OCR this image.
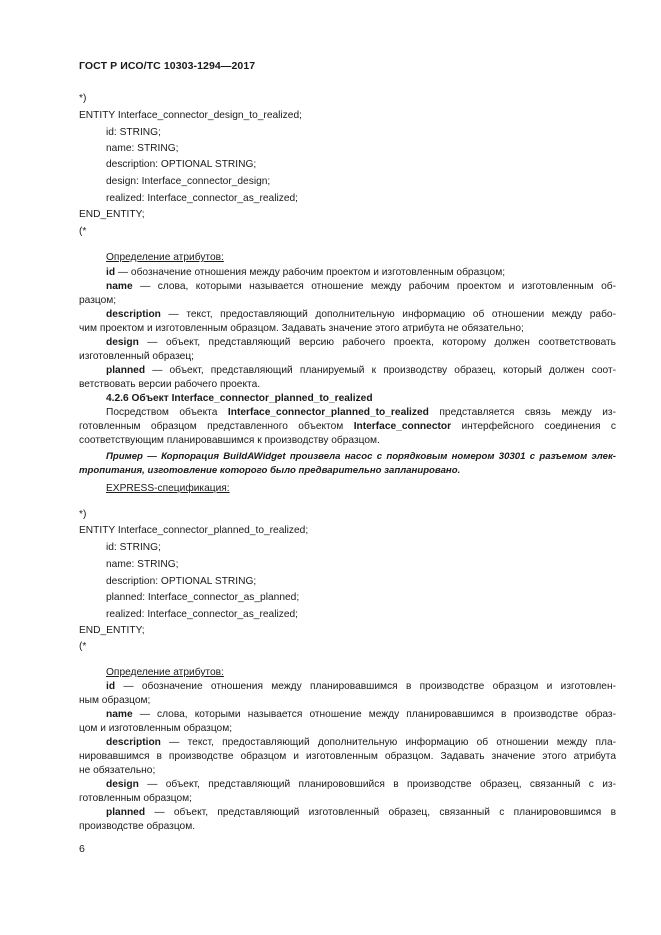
ГОСТ Р ИСО/ТС 10303-1294—2017
*)
ENTITY Interface_connector_design_to_realized;
id: STRING;
name: STRING;
description: OPTIONAL STRING;
design: Interface_connector_design;
realized: Interface_connector_as_realized;
END_ENTITY;
(*
Определение атрибутов:
id — обозначение отношения между рабочим проектом и изготовленным образцом;
name — слова, которыми называется отношение между рабочим проектом и изготовленным об-
разцом;
description — текст, предоставляющий дополнительную информацию об отношении между рабо-
чим проектом и изготовленным образцом. Задавать значение этого атрибута не обязательно;
design — объект, представляющий версию рабочего проекта, которому должен соответствовать
изготовленный образец;
planned — объект, представляющий планируемый к производству образец, который должен соот-
ветствовать версии рабочего проекта.
4.2.6 Объект Interface_connector_planned_to_realized
Посредством объекта Interface_connector_planned_to_realized представляется связь между из-
готовленным образцом представленного объектом Interface_connector интерфейсного соединения с
соответствующим планировавшимся к производству образцом.
Пример — Корпорация BuildAWidget произвела насос с порядковым номером 30301 с разъемом элек-
тропитания, изготовление которого было предварительно запланировано.
EXPRESS-спецификация:
*)
ENTITY Interface_connector_planned_to_realized;
id: STRING;
name: STRING;
description: OPTIONAL STRING;
planned: Interface_connector_as_planned;
realized: Interface_connector_as_realized;
END_ENTITY;
(*
Определение атрибутов:
id — обозначение отношения между планировавшимся в производстве образцом и изготовлен-
ным образцом;
name — слова, которыми называется отношение между планировавшимся в производстве образ-
цом и изготовленным образцом;
description — текст, предоставляющий дополнительную информацию об отношении между пла-
нировавшимся в производстве образцом и изготовленным образцом. Задавать значение этого атрибута
не обязательно;
design — объект, представляющий планирововшийся в производстве образец, связанный с из-
готовленным образцом;
planned — объект, представляющий изготовленный образец, связанный с планирововшимся в
производстве образцом.
6
